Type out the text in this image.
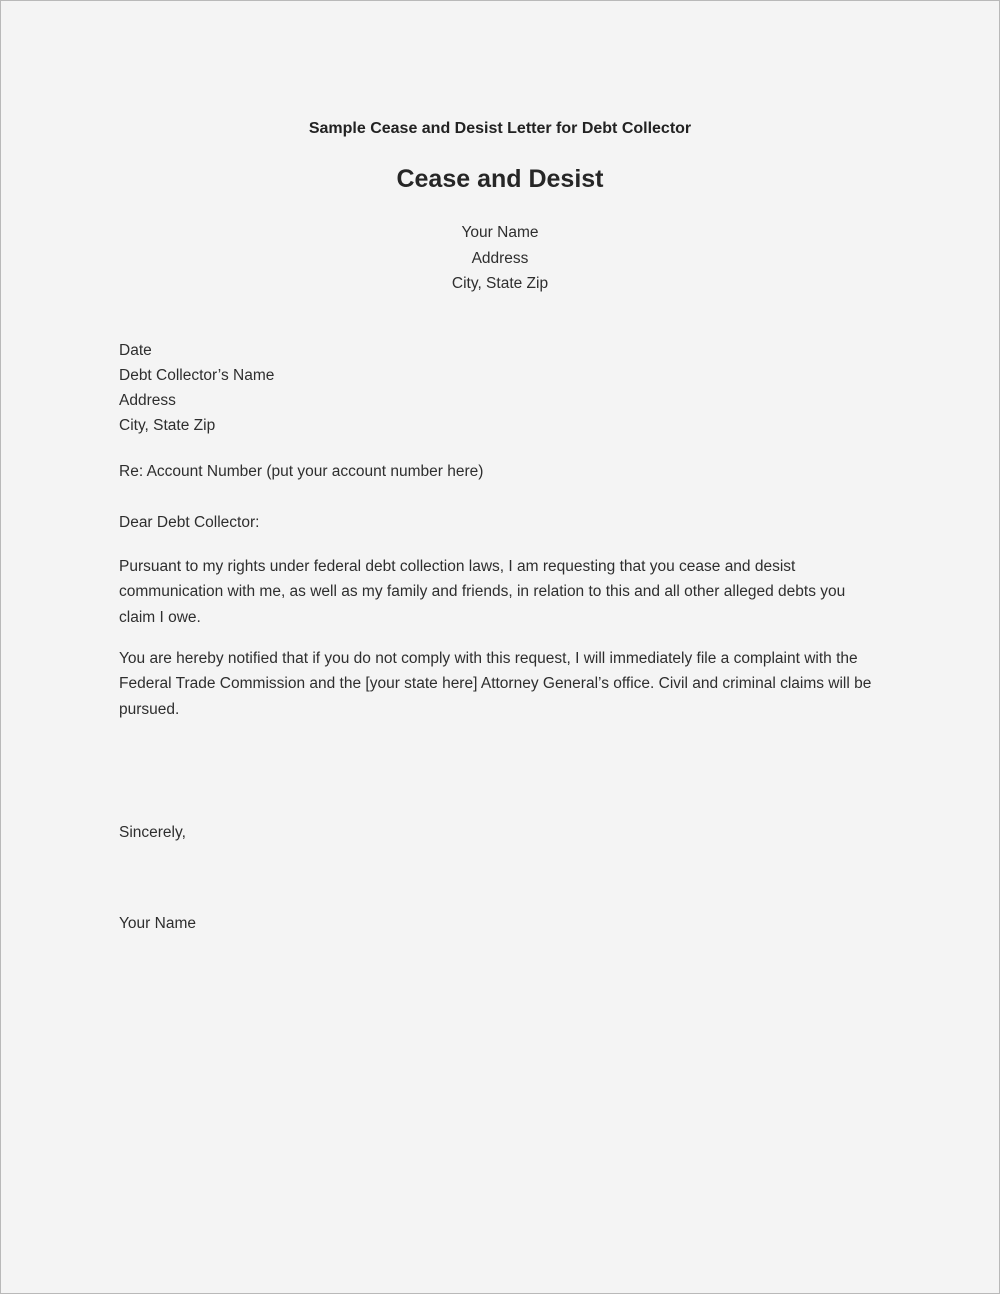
Sample Cease and Desist Letter for Debt Collector
Cease and Desist
Your Name
Address
City, State Zip
Date
Debt Collector’s Name
Address
City, State Zip
Re: Account Number (put your account number here)
Dear Debt Collector:
Pursuant to my rights under federal debt collection laws, I am requesting that you cease and desist communication with me, as well as my family and friends, in relation to this and all other alleged debts you claim I owe.
You are hereby notified that if you do not comply with this request, I will immediately file a complaint with the Federal Trade Commission and the [your state here] Attorney General’s office. Civil and criminal claims will be pursued.
Sincerely,
Your Name
